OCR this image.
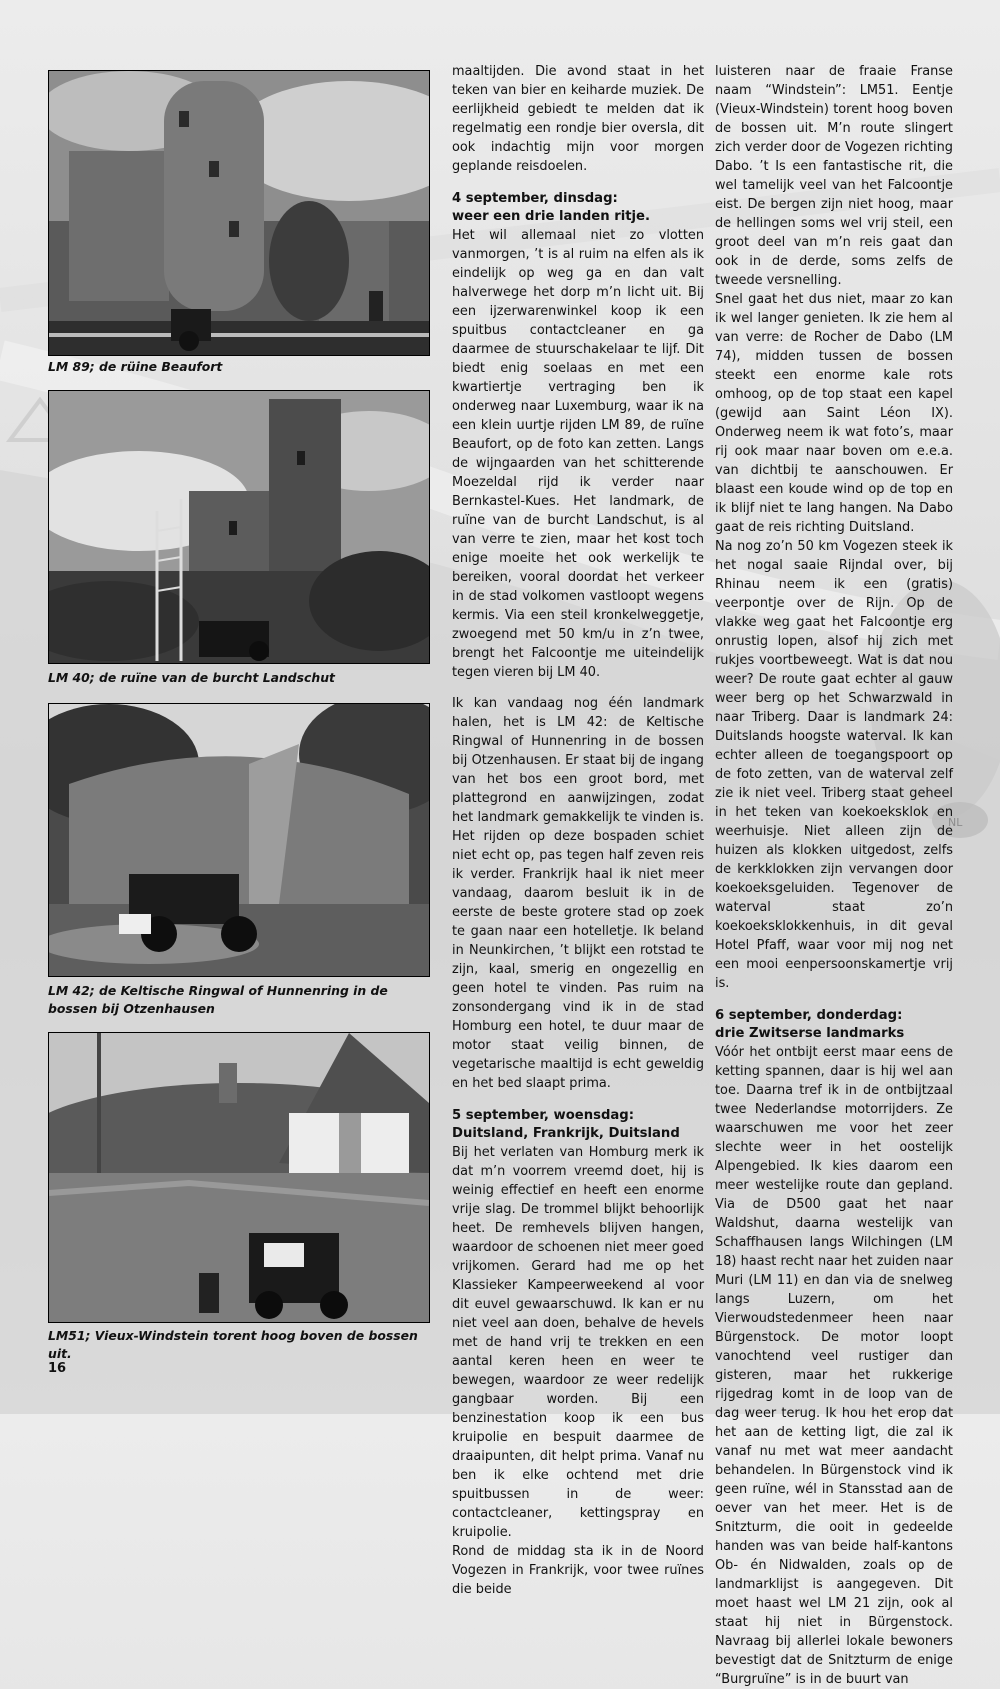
NL
LM 89; de rüine Beaufort
LM 40; de ruïne van de burcht Landschut
LM 42; de Keltische Ringwal of Hunnenring in de bossen bij Otzenhausen
LM51; Vieux-Windstein torent hoog boven de bossen uit.

maaltijden. Die avond staat in het teken van bier en keiharde muziek. De eerlijkheid gebiedt te melden dat ik regelmatig een rondje bier oversla, dit ook indachtig mijn voor morgen geplande reisdoelen.

4 september, dinsdag:
weer een drie landen ritje.

Het wil allemaal niet zo vlotten vanmorgen, ’t is al ruim na elfen als ik eindelijk op weg ga en dan valt halverwege het dorp m’n licht uit. Bij een ijzerwarenwinkel koop ik een spuitbus contactcleaner en ga daarmee de stuurschakelaar te lijf. Dit biedt enig soelaas en met een kwartiertje vertraging ben ik onderweg naar Luxemburg, waar ik na een klein uurtje rijden LM 89, de ruïne Beaufort, op de foto kan zetten. Langs de wijngaarden van het schitterende Moezeldal rijd ik verder naar Bernkastel-Kues. Het landmark, de ruïne van de burcht Landschut, is al van verre te zien, maar het kost toch enige moeite het ook werkelijk te bereiken, vooral doordat het verkeer in de stad volkomen vastloopt wegens kermis. Via een steil kronkelweggetje, zwoegend met 50 km/u in z’n twee, brengt het Falcoontje me uiteindelijk tegen vieren bij LM 40.

Ik kan vandaag nog één landmark halen, het is LM 42: de Keltische Ringwal of Hunnenring in de bossen bij Otzenhausen. Er staat bij de ingang van het bos een groot bord, met plattegrond en aanwijzingen, zodat het landmark gemakkelijk te vinden is. Het rijden op deze bospaden schiet niet echt op, pas tegen half zeven reis ik verder. Frankrijk haal ik niet meer vandaag, daarom besluit ik in de eerste de beste grotere stad op zoek te gaan naar een hotelletje. Ik beland in Neunkirchen, ’t blijkt een rotstad te zijn, kaal, smerig en ongezellig en geen hotel te vinden. Pas ruim na zonsondergang vind ik in de stad Homburg een hotel, te duur maar de motor staat veilig binnen, de vegetarische maaltijd is echt geweldig en het bed slaapt prima.

5 september, woensdag:
Duitsland, Frankrijk, Duitsland

Bij het verlaten van Homburg merk ik dat m’n voorrem vreemd doet, hij is weinig effectief en heeft een enorme vrije slag. De trommel blijkt behoorlijk heet. De remhevels blijven hangen, waardoor de schoenen niet meer goed vrijkomen. Gerard had me op het Klassieker Kampeerweekend al voor dit euvel gewaarschuwd. Ik kan er nu niet veel aan doen, behalve de hevels met de hand vrij te trekken en een aantal keren heen en weer te bewegen, waardoor ze weer redelijk gangbaar worden. Bij een benzinestation koop ik een bus kruipolie en bespuit daarmee de draaipunten, dit helpt prima. Vanaf nu ben ik elke ochtend met drie spuitbussen in de weer: contactcleaner, kettingspray en kruipolie.

Rond de middag sta ik in de Noord Vogezen in Frankrijk, voor twee ruïnes die beide

luisteren naar de fraaie Franse naam “Windstein”: LM51. Eentje (Vieux-Windstein) torent hoog boven de bossen uit. M’n route slingert zich verder door de Vogezen richting Dabo. ’t Is een fantastische rit, die wel tamelijk veel van het Falcoontje eist. De bergen zijn niet hoog, maar de hellingen soms wel vrij steil, een groot deel van m’n reis gaat dan ook in de derde, soms zelfs de tweede versnelling.

Snel gaat het dus niet, maar zo kan ik wel langer genieten. Ik zie hem al van verre: de Rocher de Dabo (LM 74), midden tussen de bossen steekt een enorme kale rots omhoog, op de top staat een kapel (gewijd aan Saint Léon IX). Onderweg neem ik wat foto’s, maar rij ook maar naar boven om e.e.a. van dichtbij te aanschouwen. Er blaast een koude wind op de top en ik blijf niet te lang hangen. Na Dabo gaat de reis richting Duitsland.

Na nog zo’n 50 km Vogezen steek ik het nogal saaie Rijndal over, bij Rhinau neem ik een (gratis) veerpontje over de Rijn. Op de vlakke weg gaat het Falcoontje erg onrustig lopen, alsof hij zich met rukjes voortbeweegt. Wat is dat nou weer? De route gaat echter al gauw weer berg op het Schwarzwald in naar Triberg. Daar is landmark 24: Duitslands hoogste waterval. Ik kan echter alleen de toegangspoort op de foto zetten, van de waterval zelf zie ik niet veel. Triberg staat geheel in het teken van koekoeksklok en weerhuisje. Niet alleen zijn de huizen als klokken uitgedost, zelfs de kerkklokken zijn vervangen door koekoeksgeluiden. Tegenover de waterval staat zo’n koekoeksklokkenhuis, in dit geval Hotel Pfaff, waar voor mij nog net een mooi eenpersoonskamertje vrij is.

6 september, donderdag:
drie Zwitserse landmarks

Vóór het ontbijt eerst maar eens de ketting spannen, daar is hij wel aan toe. Daarna tref ik in de ontbijtzaal twee Nederlandse motorrijders. Ze waarschuwen me voor het zeer slechte weer in het oostelijk Alpengebied. Ik kies daarom een meer westelijke route dan gepland. Via de D500 gaat het naar Waldshut, daarna westelijk van Schaffhausen langs Wilchingen (LM 18) haast recht naar het zuiden naar Muri (LM 11) en dan via de snelweg langs Luzern, om het Vierwoudstedenmeer heen naar Bürgenstock. De motor loopt vanochtend veel rustiger dan gisteren, maar het rukkerige rijgedrag komt in de loop van de dag weer terug. Ik hou het erop dat het aan de ketting ligt, die zal ik vanaf nu met wat meer aandacht behandelen. In Bürgenstock vind ik geen ruïne, wél in Stansstad aan de oever van het meer. Het is de Snitzturm, die ooit in gedeelde handen was van beide half-kantons Ob- én Nidwalden, zoals op de landmarklijst is aangegeven. Dit moet haast wel LM 21 zijn, ook al staat hij niet in Bürgenstock. Navraag bij allerlei lokale bewoners bevestigt dat de Snitzturm de enige “Burgruïne” is in de buurt van

16
